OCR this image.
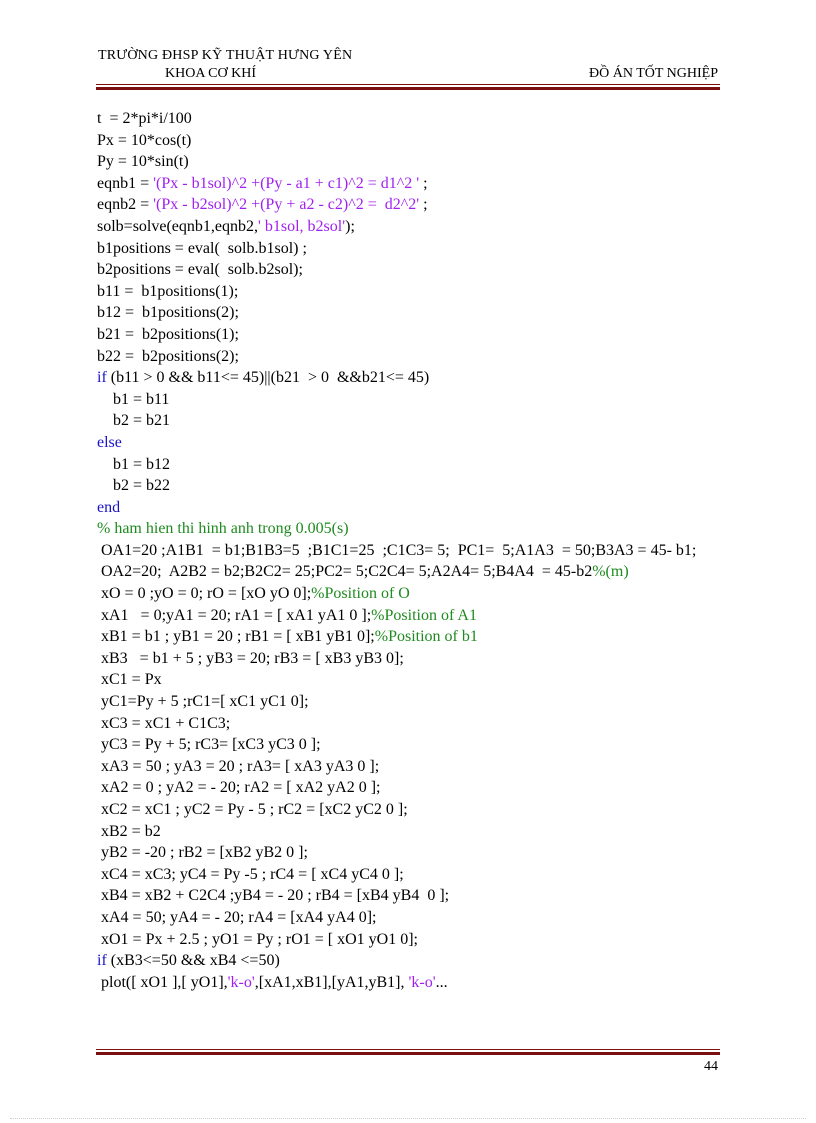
TRƯỜNG ĐHSP KỸ THUẬT HƯNG YÊN
KHOA CƠ KHÍ	ĐỒ ÁN TỐT NGHIỆP
t  = 2*pi*i/100
Px = 10*cos(t)
Py = 10*sin(t)
eqnb1 = '(Px - b1sol)^2 +(Py - a1 + c1)^2 = d1^2 ' ;
eqnb2 = '(Px - b2sol)^2 +(Py + a2 - c2)^2 =  d2^2' ;
solb=solve(eqnb1,eqnb2,' b1sol, b2sol');
b1positions = eval(  solb.b1sol) ;
b2positions = eval(  solb.b2sol);
b11 =  b1positions(1);
b12 =  b1positions(2);
b21 =  b2positions(1);
b22 =  b2positions(2);
if (b11 > 0 && b11<= 45)||(b21  > 0  &&b21<= 45)
b1 = b11
b2 = b21
else
b1 = b12
b2 = b22
end
% ham hien thi hinh anh trong 0.005(s)
OA1=20 ;A1B1  = b1;B1B3=5  ;B1C1=25  ;C1C3= 5;  PC1=  5;A1A3  = 50;B3A3 = 45- b1;
OA2=20;  A2B2 = b2;B2C2= 25;PC2= 5;C2C4= 5;A2A4= 5;B4A4  = 45-b2%(m)
xO = 0 ;yO = 0; rO = [xO yO 0];%Position of O
xA1   = 0;yA1 = 20; rA1 = [ xA1 yA1 0 ];%Position of A1
xB1 = b1 ; yB1 = 20 ; rB1 = [ xB1 yB1 0];%Position of b1
xB3   = b1 + 5 ; yB3 = 20; rB3 = [ xB3 yB3 0];
xC1 = Px
yC1=Py + 5 ;rC1=[ xC1 yC1 0];
xC3 = xC1 + C1C3;
yC3 = Py + 5; rC3= [xC3 yC3 0 ];
xA3 = 50 ; yA3 = 20 ; rA3= [ xA3 yA3 0 ];
xA2 = 0 ; yA2 = - 20; rA2 = [ xA2 yA2 0 ];
xC2 = xC1 ; yC2 = Py - 5 ; rC2 = [xC2 yC2 0 ];
xB2 = b2
yB2 = -20 ; rB2 = [xB2 yB2 0 ];
xC4 = xC3; yC4 = Py -5 ; rC4 = [ xC4 yC4 0 ];
xB4 = xB2 + C2C4 ;yB4 = - 20 ; rB4 = [xB4 yB4  0 ];
xA4 = 50; yA4 = - 20; rA4 = [xA4 yA4 0];
xO1 = Px + 2.5 ; yO1 = Py ; rO1 = [ xO1 yO1 0];
if (xB3<=50 && xB4 <=50)
plot([ xO1 ],[ yO1],'k-o',[xA1,xB1],[yA1,yB1], 'k-o'...
44
